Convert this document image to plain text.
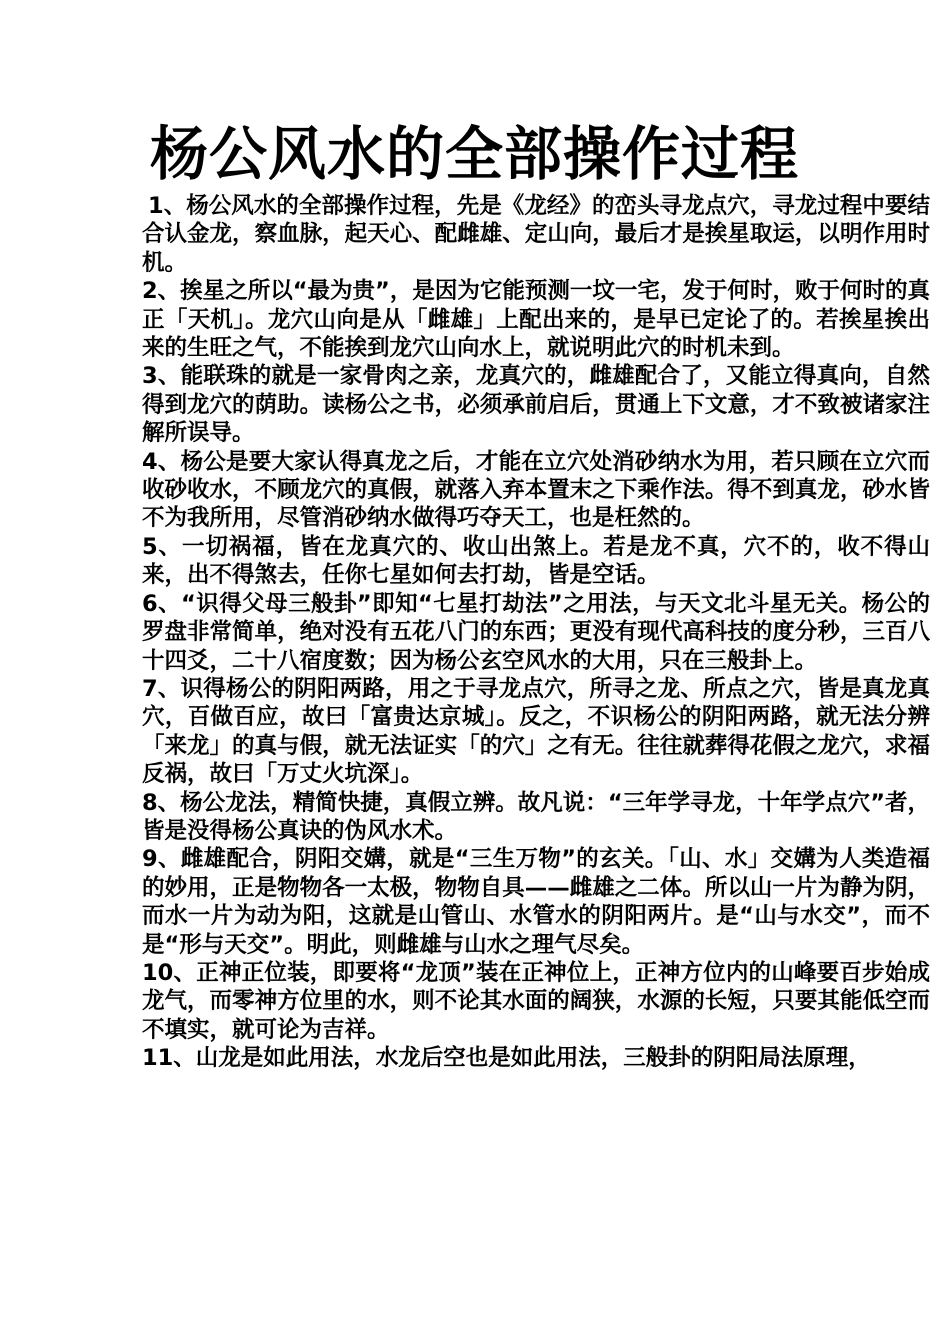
杨公风水的全部操作过程

1、杨公风水的全部操作过程，先是《龙经》的峦头寻龙点穴，寻龙过程中要结合认金龙，察血脉，起天心、配雌雄、定山向，最后才是挨星取运，以明作用时机。

2、挨星之所以“最为贵”，是因为它能预测一坟一宅，发于何时，败于何时的真正「天机」。龙穴山向是从「雌雄」上配出来的，是早已定论了的。若挨星挨出来的生旺之气，不能挨到龙穴山向水上，就说明此穴的时机未到。

3、能联珠的就是一家骨肉之亲，龙真穴的，雌雄配合了，又能立得真向，自然得到龙穴的荫助。读杨公之书，必须承前启后，贯通上下文意，才不致被诸家注解所误导。

4、杨公是要大家认得真龙之后，才能在立穴处消砂纳水为用，若只顾在立穴而收砂收水，不顾龙穴的真假，就落入弃本置末之下乘作法。得不到真龙，砂水皆不为我所用，尽管消砂纳水做得巧夺天工，也是枉然的。

5、一切祸福，皆在龙真穴的、收山出煞上。若是龙不真，穴不的，收不得山来，出不得煞去，任你七星如何去打劫，皆是空话。

6、“识得父母三般卦”即知“七星打劫法”之用法，与天文北斗星无关。杨公的罗盘非常简单，绝对没有五花八门的东西；更没有现代高科技的度分秒，三百八十四爻，二十八宿度数；因为杨公玄空风水的大用，只在三般卦上。

7、识得杨公的阴阳两路，用之于寻龙点穴，所寻之龙、所点之穴，皆是真龙真穴，百做百应，故曰「富贵达京城」。反之，不识杨公的阴阳两路，就无法分辨「来龙」的真与假，就无法证实「的穴」之有无。往往就葬得花假之龙穴，求福反祸，故曰「万丈火坑深」。

8、杨公龙法，精简快捷，真假立辨。故凡说：“三年学寻龙，十年学点穴”者，皆是没得杨公真诀的伪风水术。

9、雌雄配合，阴阳交媾，就是“三生万物”的玄关。「山、水」交媾为人类造福的妙用，正是物物各一太极，物物自具——雌雄之二体。所以山一片为静为阴，而水一片为动为阳，这就是山管山、水管水的阴阳两片。是“山与水交”，而不是“形与天交”。明此，则雌雄与山水之理气尽矣。

10、正神正位装，即要将“龙顶”装在正神位上，正神方位内的山峰要百步始成龙气，而零神方位里的水，则不论其水面的阔狭，水源的长短，只要其能低空而不填实，就可论为吉祥。

11、山龙是如此用法，水龙后空也是如此用法，三般卦的阴阳局法原理，
